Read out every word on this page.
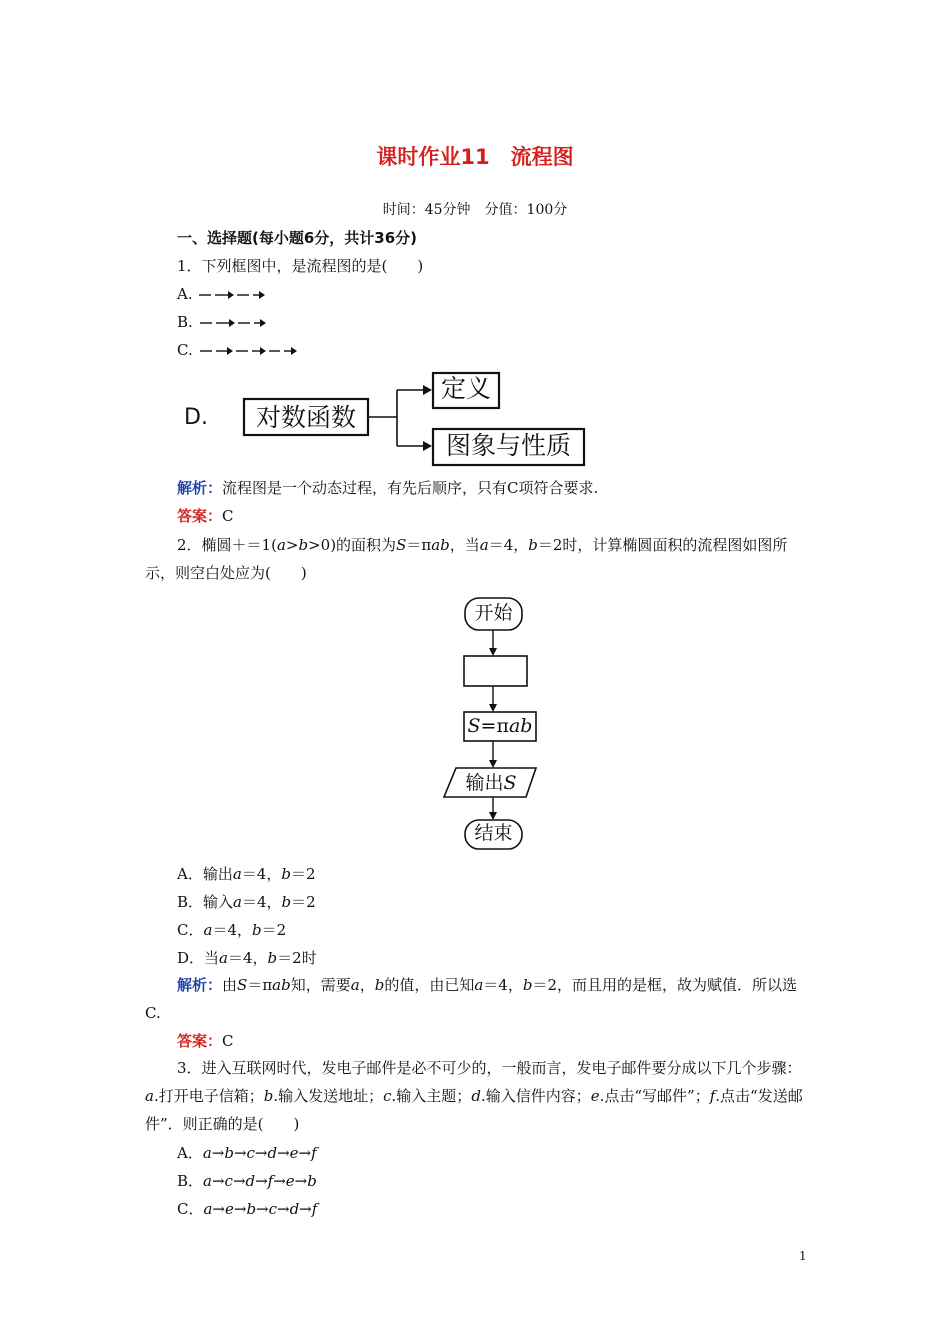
课时作业11　流程图
时间：45分钟　分值：100分
一、选择题(每小题6分，共计36分)
1．下列框图中，是流程图的是(　　)
A.
B.
C.
D.	对数函数
定义
图象与性质
解析：流程图是一个动态过程，有先后顺序，只有C项符合要求.
答案：C
2．椭圆＋＝1(a>b>0)的面积为S＝πab，当a＝4，b＝2时，计算椭圆面积的流程图如图所示，则空白处应为(　　)
开始
S=πab
输出S
结束
A．输出a＝4，b＝2
B．输入a＝4，b＝2
C．a＝4，b＝2
D．当a＝4，b＝2时
解析：由S＝πab知，需要a，b的值，由已知a＝4，b＝2，而且用的是框，故为赋值．所以选C.
答案：C
3．进入互联网时代，发电子邮件是必不可少的，一般而言，发电子邮件要分成以下几个步骤：a.打开电子信箱；b.输入发送地址；c.输入主题；d.输入信件内容；e.点击“写邮件”；f.点击“发送邮件”．则正确的是(　　)
A．a→b→c→d→e→f
B．a→c→d→f→e→b
C．a→e→b→c→d→f
1
